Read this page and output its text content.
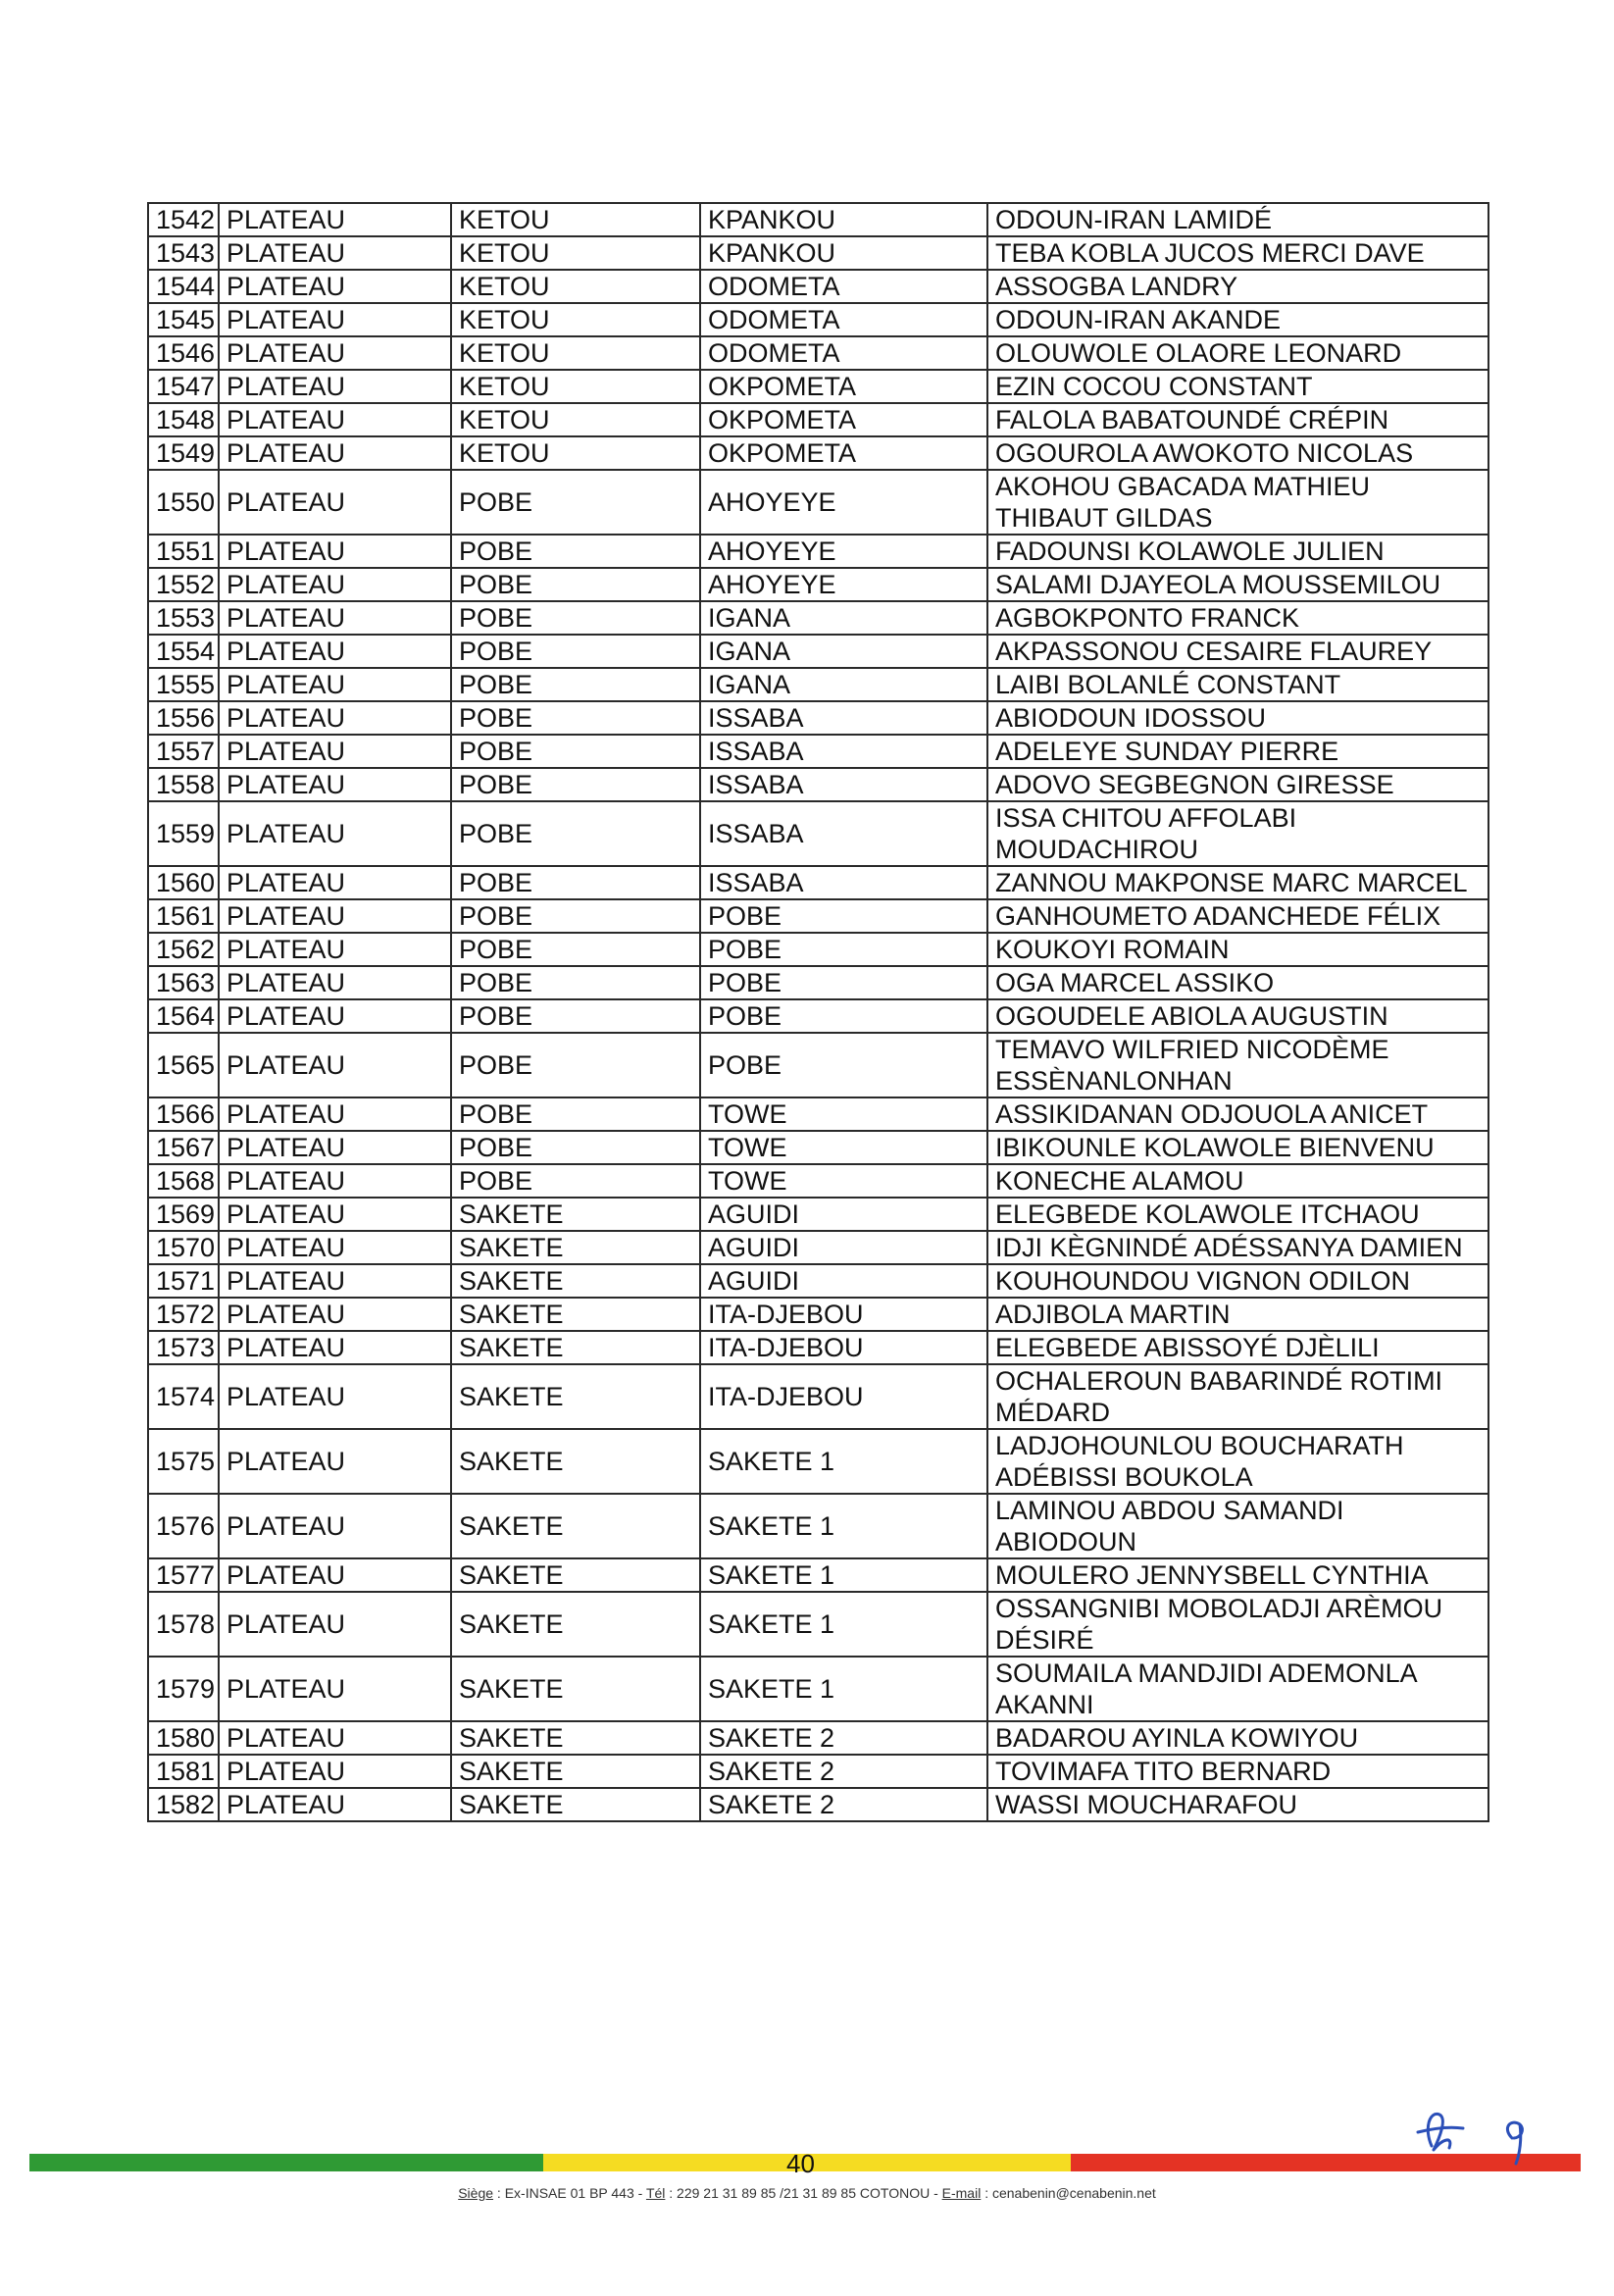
1542	PLATEAU	KETOU	KPANKOU	ODOUN-IRAN LAMIDÉ
1543	PLATEAU	KETOU	KPANKOU	TEBA KOBLA JUCOS MERCI DAVE
1544	PLATEAU	KETOU	ODOMETA	ASSOGBA LANDRY
1545	PLATEAU	KETOU	ODOMETA	ODOUN-IRAN AKANDE
1546	PLATEAU	KETOU	ODOMETA	OLOUWOLE OLAORE LEONARD
1547	PLATEAU	KETOU	OKPOMETA	EZIN COCOU CONSTANT
1548	PLATEAU	KETOU	OKPOMETA	FALOLA BABATOUNDÉ CRÉPIN
1549	PLATEAU	KETOU	OKPOMETA	OGOUROLA AWOKOTO NICOLAS
1550	PLATEAU	POBE	AHOYEYE	AKOHOU GBACADA MATHIEU THIBAUT GILDAS
1551	PLATEAU	POBE	AHOYEYE	FADOUNSI KOLAWOLE JULIEN
1552	PLATEAU	POBE	AHOYEYE	SALAMI DJAYEOLA MOUSSEMILOU
1553	PLATEAU	POBE	IGANA	AGBOKPONTO FRANCK
1554	PLATEAU	POBE	IGANA	AKPASSONOU CESAIRE FLAUREY
1555	PLATEAU	POBE	IGANA	LAIBI BOLANLÉ CONSTANT
1556	PLATEAU	POBE	ISSABA	ABIODOUN IDOSSOU
1557	PLATEAU	POBE	ISSABA	ADELEYE SUNDAY PIERRE
1558	PLATEAU	POBE	ISSABA	ADOVO SEGBEGNON GIRESSE
1559	PLATEAU	POBE	ISSABA	ISSA CHITOU AFFOLABI MOUDACHIROU
1560	PLATEAU	POBE	ISSABA	ZANNOU MAKPONSE MARC MARCEL
1561	PLATEAU	POBE	POBE	GANHOUMETO ADANCHEDE FÉLIX
1562	PLATEAU	POBE	POBE	KOUKOYI ROMAIN
1563	PLATEAU	POBE	POBE	OGA MARCEL ASSIKO
1564	PLATEAU	POBE	POBE	OGOUDELE ABIOLA AUGUSTIN
1565	PLATEAU	POBE	POBE	TEMAVO WILFRIED NICODÈME ESSÈNANLONHAN
1566	PLATEAU	POBE	TOWE	ASSIKIDANAN ODJOUOLA ANICET
1567	PLATEAU	POBE	TOWE	IBIKOUNLE KOLAWOLE BIENVENU
1568	PLATEAU	POBE	TOWE	KONECHE ALAMOU
1569	PLATEAU	SAKETE	AGUIDI	ELEGBEDE KOLAWOLE ITCHAOU
1570	PLATEAU	SAKETE	AGUIDI	IDJI KÈGNINDÉ ADÉSSANYA DAMIEN
1571	PLATEAU	SAKETE	AGUIDI	KOUHOUNDOU VIGNON ODILON
1572	PLATEAU	SAKETE	ITA-DJEBOU	ADJIBOLA MARTIN
1573	PLATEAU	SAKETE	ITA-DJEBOU	ELEGBEDE ABISSOYÉ DJÈLILI
1574	PLATEAU	SAKETE	ITA-DJEBOU	OCHALEROUN BABARINDÉ ROTIMI MÉDARD
1575	PLATEAU	SAKETE	SAKETE 1	LADJOHOUNLOU BOUCHARATH ADÉBISSI BOUKOLA
1576	PLATEAU	SAKETE	SAKETE 1	LAMINOU ABDOU SAMANDI ABIODOUN
1577	PLATEAU	SAKETE	SAKETE 1	MOULERO JENNYSBELL CYNTHIA
1578	PLATEAU	SAKETE	SAKETE 1	OSSANGNIBI MOBOLADJI ARÈMOU DÉSIRÉ
1579	PLATEAU	SAKETE	SAKETE 1	SOUMAILA MANDJIDI ADEMONLA AKANNI
1580	PLATEAU	SAKETE	SAKETE 2	BADAROU AYINLA KOWIYOU
1581	PLATEAU	SAKETE	SAKETE 2	TOVIMAFA TITO BERNARD
1582	PLATEAU	SAKETE	SAKETE 2	WASSI MOUCHARAFOU
40
Siège : Ex-INSAE 01 BP 443 - Tél : 229 21 31 89 85 /21 31 89 85 COTONOU - E-mail : cenabenin@cenabenin.net
